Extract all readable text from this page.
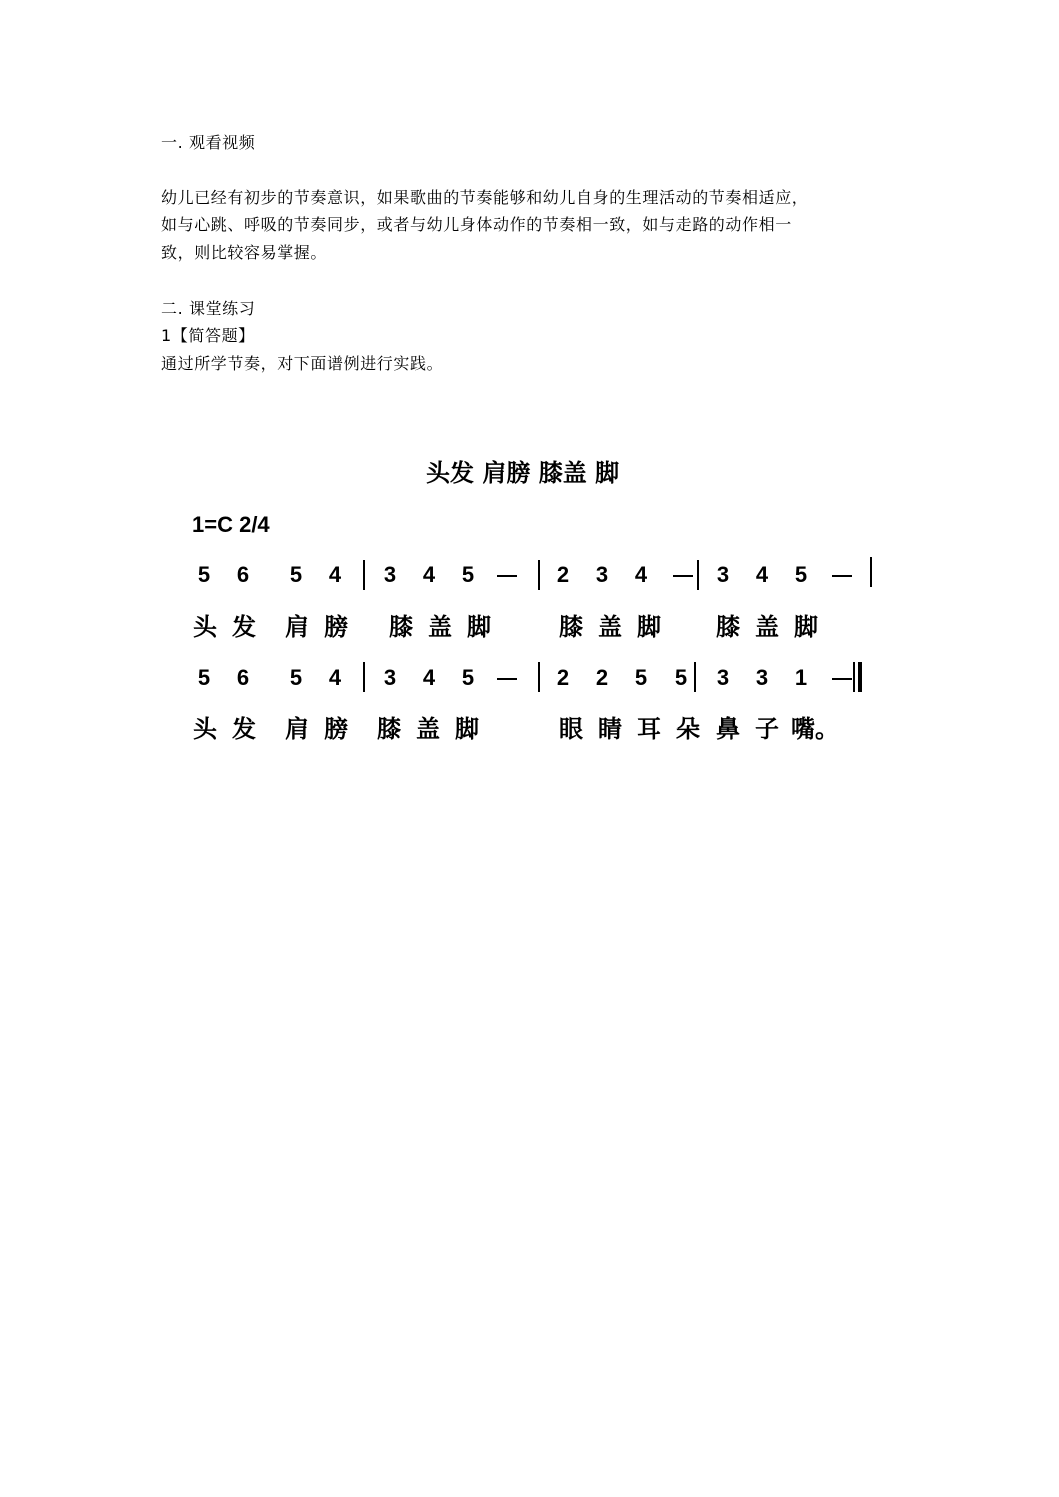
一. 观看视频
幼儿已经有初步的节奏意识，如果歌曲的节奏能够和幼儿自身的生理活动的节奏相适应，
如与心跳、呼吸的节奏同步，或者与幼儿身体动作的节奏相一致，如与走路的动作相一
致，则比较容易掌握。
二. 课堂练习
1【简答题】
通过所学节奏，对下面谱例进行实践。
头发 肩膀 膝盖 脚
1=C 2/4
5 6 5 4 3 4 5	2 3 4	3 4 5
头 发 肩 膀 膝 盖 脚	膝 盖 脚 膝 盖 脚
5 6 5 4 3 4 5	2 2 5 5 3 3 1
头 发 肩 膀 膝 盖 脚	眼 睛 耳 朵 鼻 子 嘴。
